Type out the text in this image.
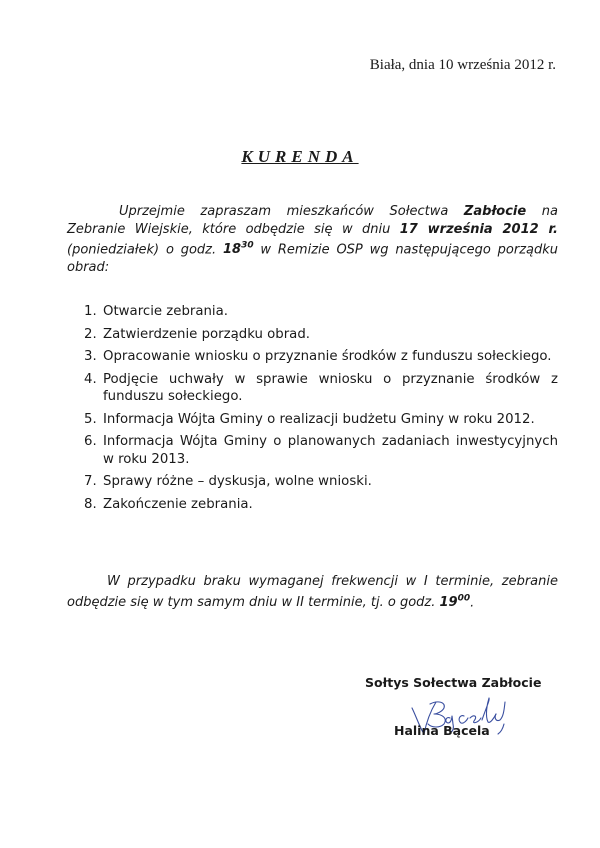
Biała, dnia 10 września 2012 r.
KURENDA
Uprzejmie zapraszam mieszkańców Sołectwa Zabłocie na Zebranie Wiejskie, które odbędzie się w dniu 17 września 2012 r. (poniedziałek) o godz. $18^{30}$ w Remizie OSP wg następującego porządku obrad:
1. Otwarcie zebrania.
2. Zatwierdzenie porządku obrad.
3. Opracowanie wniosku o przyznanie środków z funduszu sołeckiego.
4. Podjęcie uchwały w sprawie wniosku o przyznanie środków z funduszu sołeckiego.
5. Informacja Wójta Gminy o realizacji budżetu Gminy w roku 2012.
6. Informacja Wójta Gminy o planowanych zadaniach inwestycyjnych w roku 2013.
7. Sprawy różne – dyskusja, wolne wnioski.
8. Zakończenie zebrania.
W przypadku braku wymaganej frekwencji w I terminie, zebranie odbędzie się w tym samym dniu w II terminie, tj. o godz. $19^{00}$.
Sołtys Sołectwa Zabłocie
Halina Bącela
